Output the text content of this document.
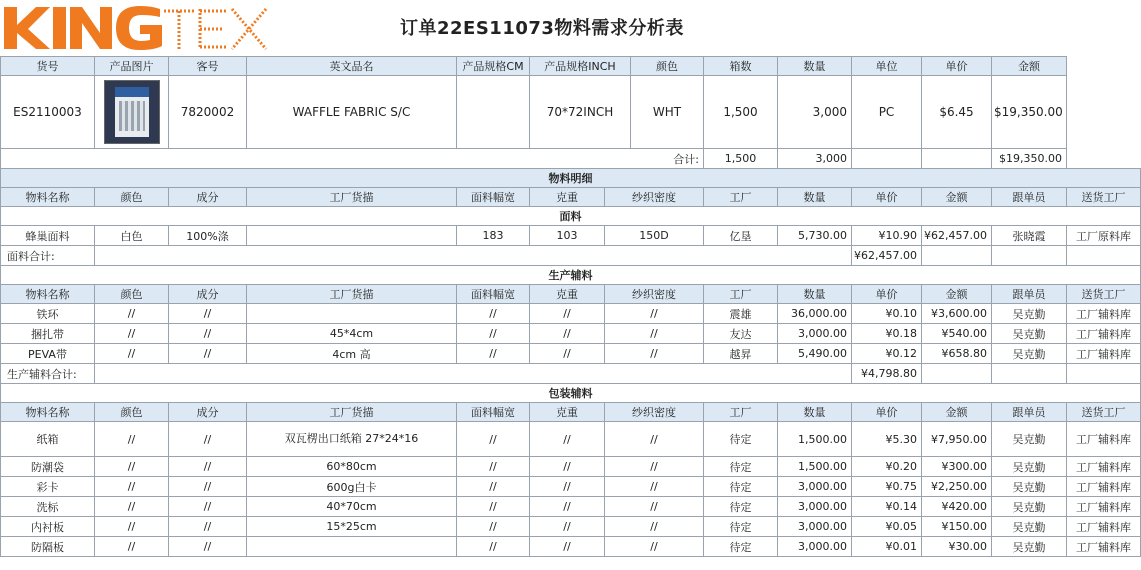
订单22ES11073物料需求分析表
货号	产品图片	客号	英文品名	产品规格CM	产品规格INCH		颜色	箱数	数量	单位	单价	金额		
ES2110003		7820002	WAFFLE FABRIC S/C		70*72INCH		WHT	1,500	3,000	PC	$6.45	$19,350.00		
合计:								1,500	3,000			$19,350.00		
物料明细														
物料名称	颜色	成分	工厂货描	面料幅宽	克重	纱织密度		工厂	数量	单价	金额	跟单员	送货工厂	
面料														
蜂巢面料	白色	100%涤		183	103	150D		亿垦	5,730.00	¥10.90	¥62,457.00	张晓霞	工厂原料库	
面料合计:										¥62,457.00				
生产辅料														
物料名称	颜色	成分	工厂货描	面料幅宽	克重	纱织密度		工厂	数量	单价	金额	跟单员	送货工厂	
铁环	//	//		//	//	//		震雄	36,000.00	¥0.10	¥3,600.00	吴克勤	工厂辅料库	
捆扎带	//	//	45*4cm	//	//	//		友达	3,000.00	¥0.18	¥540.00	吴克勤	工厂辅料库	
PEVA带	//	//	4cm 高	//	//	//		越昇	5,490.00	¥0.12	¥658.80	吴克勤	工厂辅料库	
生产辅料合计:										¥4,798.80				
包装辅料														
物料名称	颜色	成分	工厂货描	面料幅宽	克重	纱织密度		工厂	数量	单价	金额	跟单员	送货工厂	
纸箱	//	//	双瓦楞出口纸箱 27*24*16	//	//	//		待定	1,500.00	¥5.30	¥7,950.00	吴克勤	工厂辅料库	
防潮袋	//	//	60*80cm	//	//	//		待定	1,500.00	¥0.20	¥300.00	吴克勤	工厂辅料库	
彩卡	//	//	600g白卡	//	//	//		待定	3,000.00	¥0.75	¥2,250.00	吴克勤	工厂辅料库	
洗标	//	//	40*70cm	//	//	//		待定	3,000.00	¥0.14	¥420.00	吴克勤	工厂辅料库	
内衬板	//	//	15*25cm	//	//	//		待定	3,000.00	¥0.05	¥150.00	吴克勤	工厂辅料库	
防隔板	//	//		//	//	//		待定	3,000.00	¥0.01	¥30.00	吴克勤	工厂辅料库	
